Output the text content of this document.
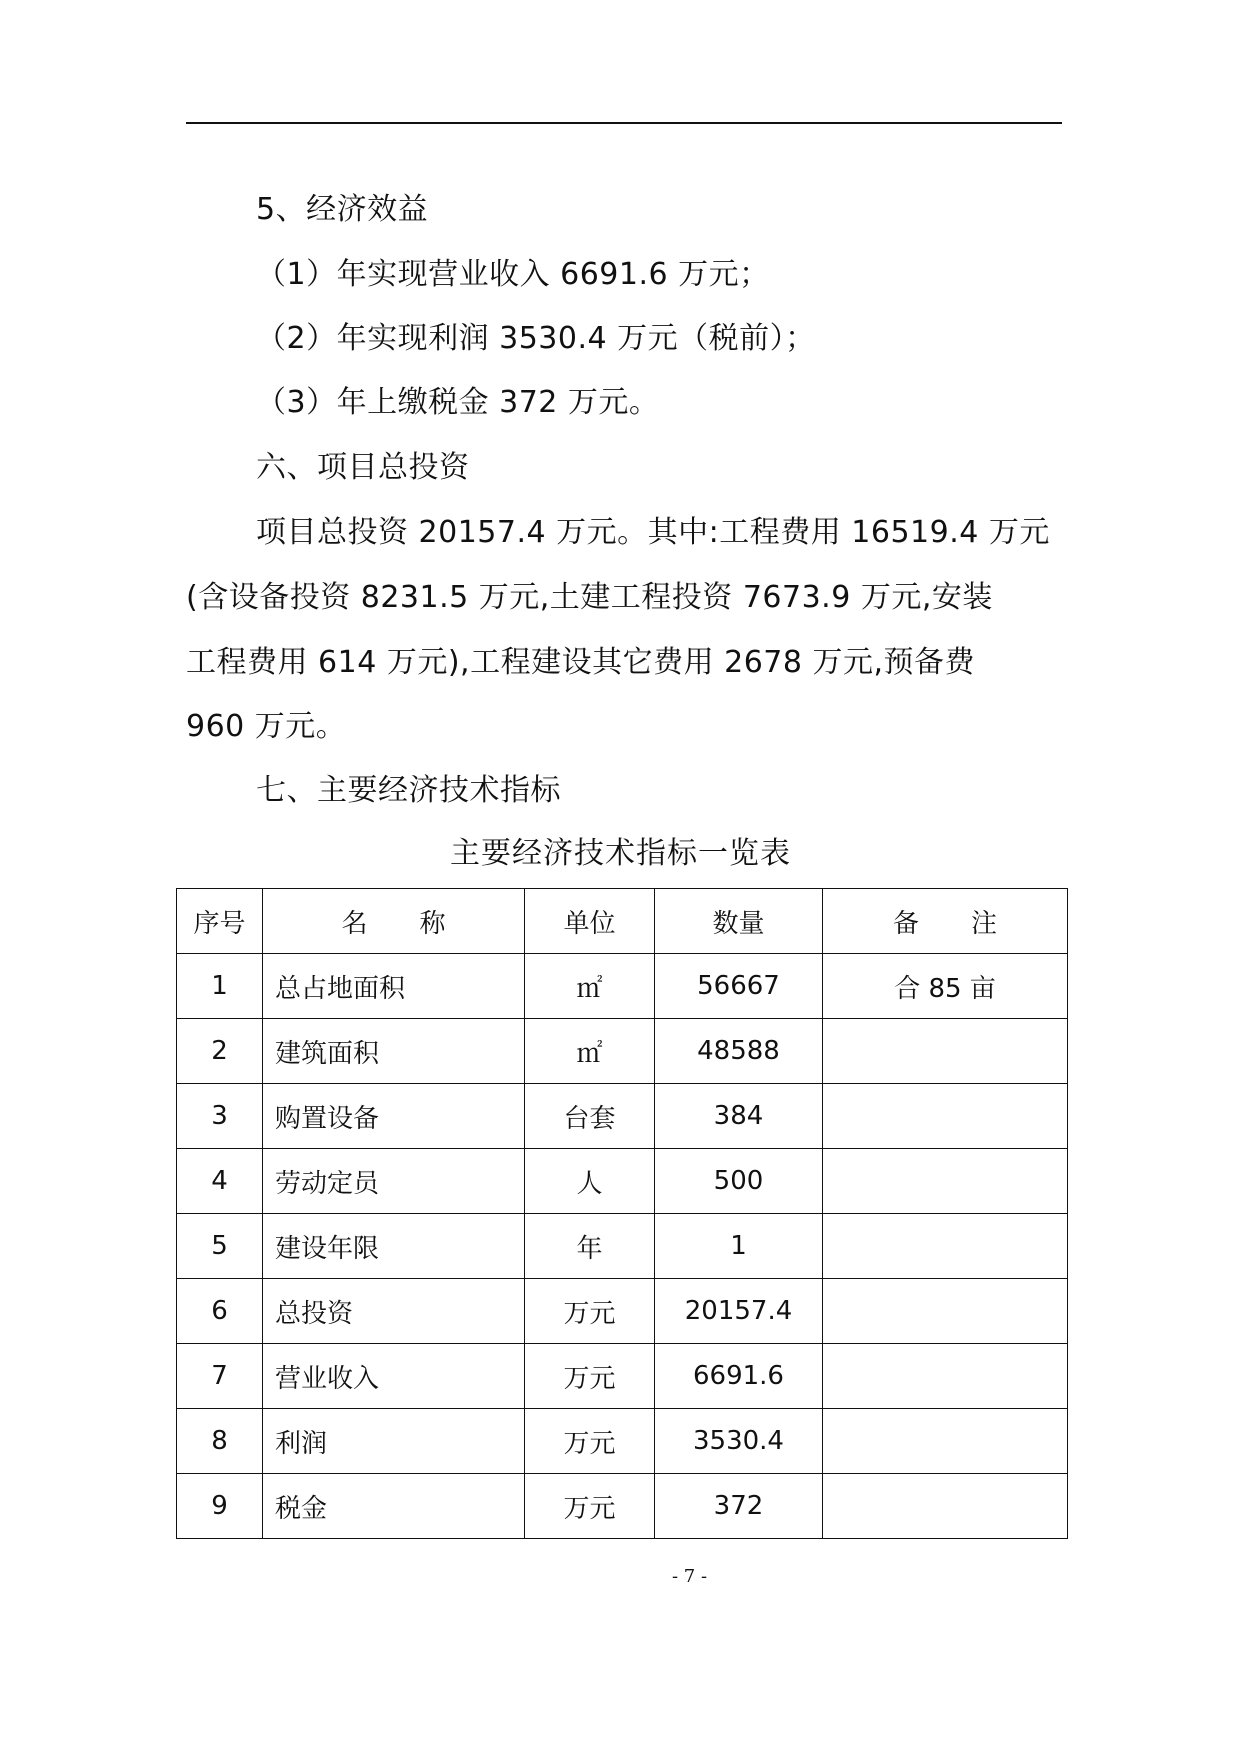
5、经济效益
（1）年实现营业收入 6691.6 万元；
（2）年实现利润 3530.4 万元（税前）；
（3）年上缴税金 372 万元。
六、项目总投资
项目总投资 20157.4 万元。其中:工程费用 16519.4 万元
(含设备投资 8231.5 万元,土建工程投资 7673.9 万元,安装
工程费用 614 万元),工程建设其它费用 2678 万元,预备费
960 万元。
七、主要经济技术指标
主要经济技术指标一览表
序号	名　　称	单位	数量	备　　注
1	总占地面积	㎡	56667	合 85 亩
2	建筑面积	㎡	48588	
3	购置设备	台套	384	
4	劳动定员	人	500	
5	建设年限	年	1	
6	总投资	万元	20157.4	
7	营业收入	万元	6691.6	
8	利润	万元	3530.4	
9	税金	万元	372	
- 7 -
